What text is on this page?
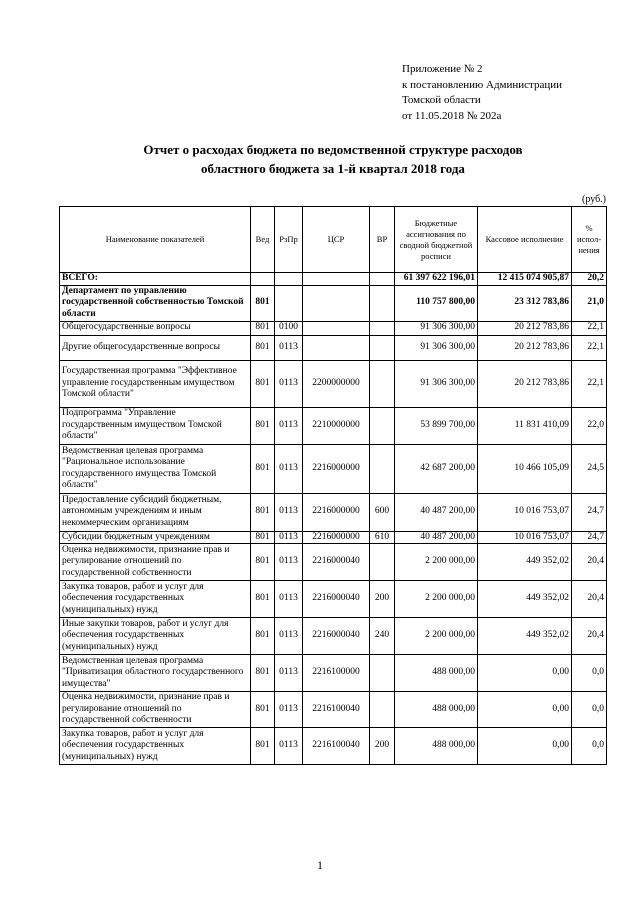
Приложение № 2
к постановлению Администрации
Томской области
от 11.05.2018 № 202а
Отчет о расходах бюджета по ведомственной структуре расходов
областного бюджета за 1-й квартал 2018 года
(руб.)
Наименование показателей	Вед	РзПр	ЦСР	ВР	Бюджетные ассигнования по сводной бюджетной росписи	Кассовое исполнение	% испол-нения
ВСЕГО:					61 397 622 196,01	12 415 074 905,87	20,2
Департамент по управлению государственной собственностью Томской области	801				110 757 800,00	23 312 783,86	21,0
Общегосударственные вопросы	801	0100			91 306 300,00	20 212 783,86	22,1
Другие общегосударственные вопросы	801	0113			91 306 300,00	20 212 783,86	22,1
Государственная программа "Эффективное управление государственным имуществом Томской области"	801	0113	2200000000		91 306 300,00	20 212 783,86	22,1
Подпрограмма "Управление государственным имуществом Томской области"	801	0113	2210000000		53 899 700,00	11 831 410,09	22,0
Ведомственная целевая программа "Рациональное использование государственного имущества Томской области"	801	0113	2216000000		42 687 200,00	10 466 105,09	24,5
Предоставление субсидий бюджетным, автономным учреждениям и иным некоммерческим организациям	801	0113	2216000000	600	40 487 200,00	10 016 753,07	24,7
Субсидии бюджетным учреждениям	801	0113	2216000000	610	40 487 200,00	10 016 753,07	24,7
Оценка недвижимости, признание прав и регулирование отношений по государственной собственности	801	0113	2216000040		2 200 000,00	449 352,02	20,4
Закупка товаров, работ и услуг для обеспечения государственных (муниципальных) нужд	801	0113	2216000040	200	2 200 000,00	449 352,02	20,4
Иные закупки товаров, работ и услуг для обеспечения государственных (муниципальных) нужд	801	0113	2216000040	240	2 200 000,00	449 352,02	20,4
Ведомственная целевая программа "Приватизация областного государственного имущества"	801	0113	2216100000		488 000,00	0,00	0,0
Оценка недвижимости, признание прав и регулирование отношений по государственной собственности	801	0113	2216100040		488 000,00	0,00	0,0
Закупка товаров, работ и услуг для обеспечения государственных (муниципальных) нужд	801	0113	2216100040	200	488 000,00	0,00	0,0
1
